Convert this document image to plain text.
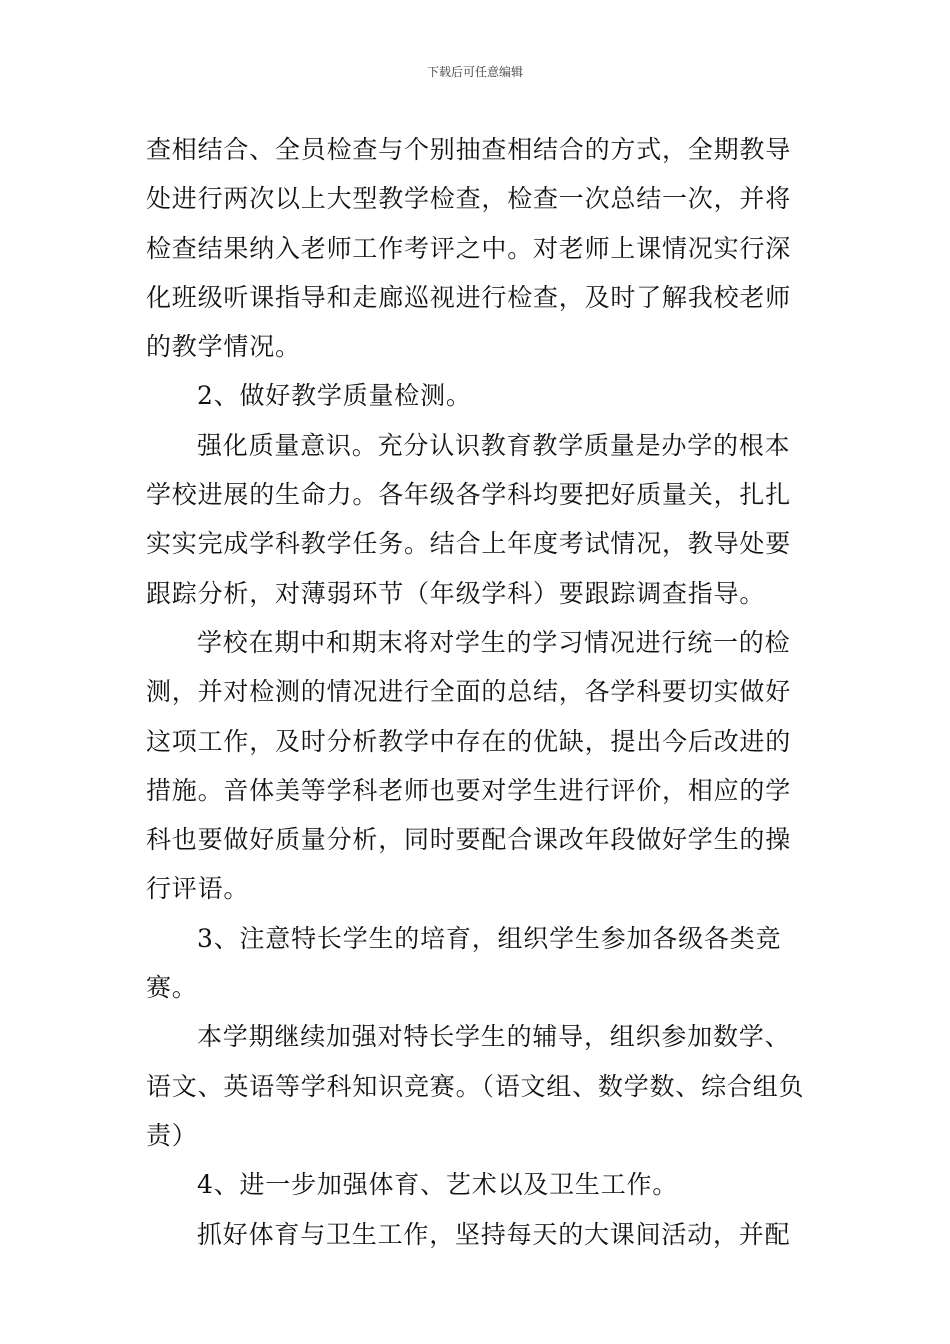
下载后可任意编辑

查相结合、全员检查与个别抽查相结合的方式，全期教导处进行两次以上大型教学检查，检查一次总结一次，并将检查结果纳入老师工作考评之中。对老师上课情况实行深化班级听课指导和走廊巡视进行检查，及时了解我校老师的教学情况。

2、做好教学质量检测。

强化质量意识。充分认识教育教学质量是办学的根本学校进展的生命力。各年级各学科均要把好质量关，扎扎实实完成学科教学任务。结合上年度考试情况，教导处要跟踪分析，对薄弱环节（年级学科）要跟踪调查指导。

学校在期中和期末将对学生的学习情况进行统一的检测，并对检测的情况进行全面的总结，各学科要切实做好这项工作，及时分析教学中存在的优缺，提出今后改进的措施。音体美等学科老师也要对学生进行评价，相应的学科也要做好质量分析，同时要配合课改年段做好学生的操行评语。

3、注意特长学生的培育，组织学生参加各级各类竞赛。

本学期继续加强对特长学生的辅导，组织参加数学、语文、英语等学科知识竞赛。（语文组、数学数、综合组负责）

4、进一步加强体育、艺术以及卫生工作。

抓好体育与卫生工作，坚持每天的大课间活动，并配
